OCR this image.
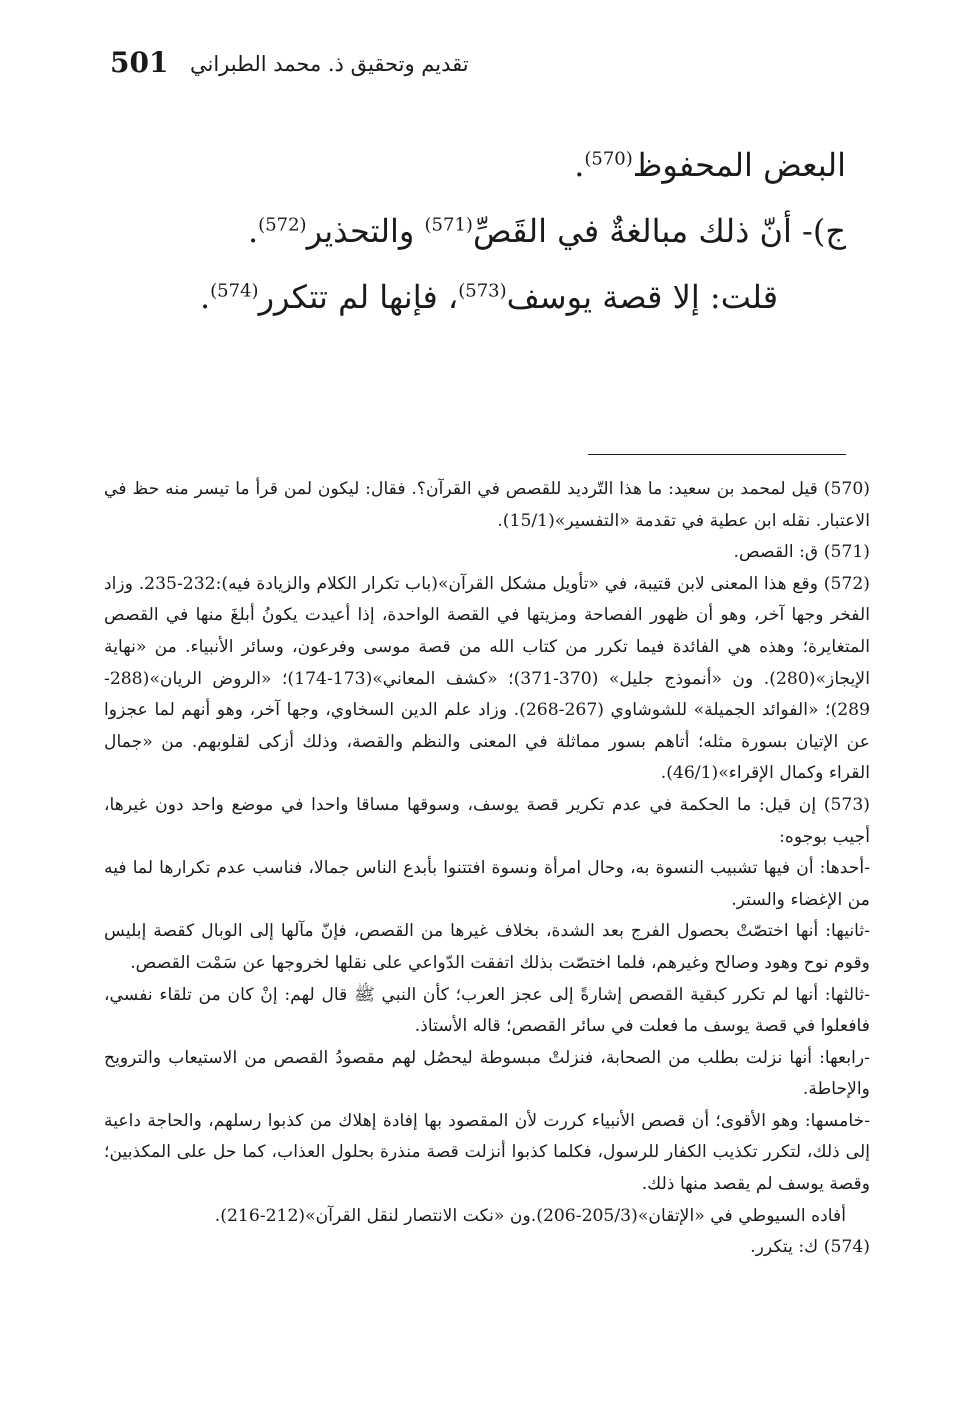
501 تقديم وتحقيق ذ. محمد الطبراني

البعض المحفوظ$^{(570)}$.

ج)- أنّ ذلك مبالغةٌ في القَصِّ$^{(571)}$ والتحذير$^{(572)}$.

قلت: إلا قصة يوسف$^{(573)}$، فإنها لم تتكرر$^{(574)}$.

(570) قيل لمحمد بن سعيد: ما هذا التّرديد للقصص في القرآن؟. فقال: ليكون لمن قرأ ما تيسر منه حظ في الاعتبار. نقله ابن عطية في تقدمة «التفسير»(15/1).

(571) ق: القصص.

(572) وقع هذا المعنى لابن قتيبة، في «تأويل مشكل القرآن»(باب تكرار الكلام والزيادة فيه):232-235. وزاد الفخر وجها آخر، وهو أن ظهور الفصاحة ومزيتها في القصة الواحدة، إذا أعيدت يكونُ أبلغَ منها في القصص المتغايرة؛ وهذه هي الفائدة فيما تكرر من كتاب الله من قصة موسى وفرعون، وسائر الأنبياء. من «نهاية الإيجاز»(280). ون «أنموذج جليل» (370-371)؛ «كشف المعاني»(173-174)؛ «الروض الريان»(288-289)؛ «الفوائد الجميلة» للشوشاوي (267-268). وزاد علم الدين السخاوي، وجها آخر، وهو أنهم لما عجزوا عن الإتيان بسورة مثله؛ أتاهم بسور مماثلة في المعنى والنظم والقصة، وذلك أزكى لقلوبهم. من «جمال القراء وكمال الإقراء»(46/1).

(573) إن قيل: ما الحكمة في عدم تكرير قصة يوسف، وسوقها مساقا واحدا في موضع واحد دون غيرها، أجيب بوجوه:

-أحدها: أن فيها تشبيب النسوة به، وحال امرأة ونسوة افتتنوا بأبدع الناس جمالا، فناسب عدم تكرارها لما فيه من الإغضاء والستر.

-ثانيها: أنها اختصّتْ بحصول الفرج بعد الشدة، بخلاف غيرها من القصص، فإنّ مآلها إلى الوبال كقصة إبليس وقوم نوح وهود وصالح وغيرهم، فلما اختصّت بذلك اتفقت الدّواعي على نقلها لخروجها عن سَمْت القصص.

-ثالثها: أنها لم تكرر كبقية القصص إشارةً إلى عجز العرب؛ كأن النبي ﷺ قال لهم: إنْ كان من تلقاء نفسي، فافعلوا في قصة يوسف ما فعلت في سائر القصص؛ قاله الأستاذ.

-رابعها: أنها نزلت بطلب من الصحابة، فنزلتْ مبسوطة ليحصُل لهم مقصودُ القصص من الاستيعاب والترويح والإحاطة.

-خامسها: وهو الأقوى؛ أن قصص الأنبياء كررت لأن المقصود بها إفادة إهلاك من كذبوا رسلهم، والحاجة داعية إلى ذلك، لتكرر تكذيب الكفار للرسول، فكلما كذبوا أنزلت قصة منذرة بحلول العذاب، كما حل على المكذبين؛ وقصة يوسف لم يقصد منها ذلك.

أفاده السيوطي في «الإتقان»(205/3-206).ون «نكت الانتصار لنقل القرآن»(212-216).

(574) ك: يتكرر.
